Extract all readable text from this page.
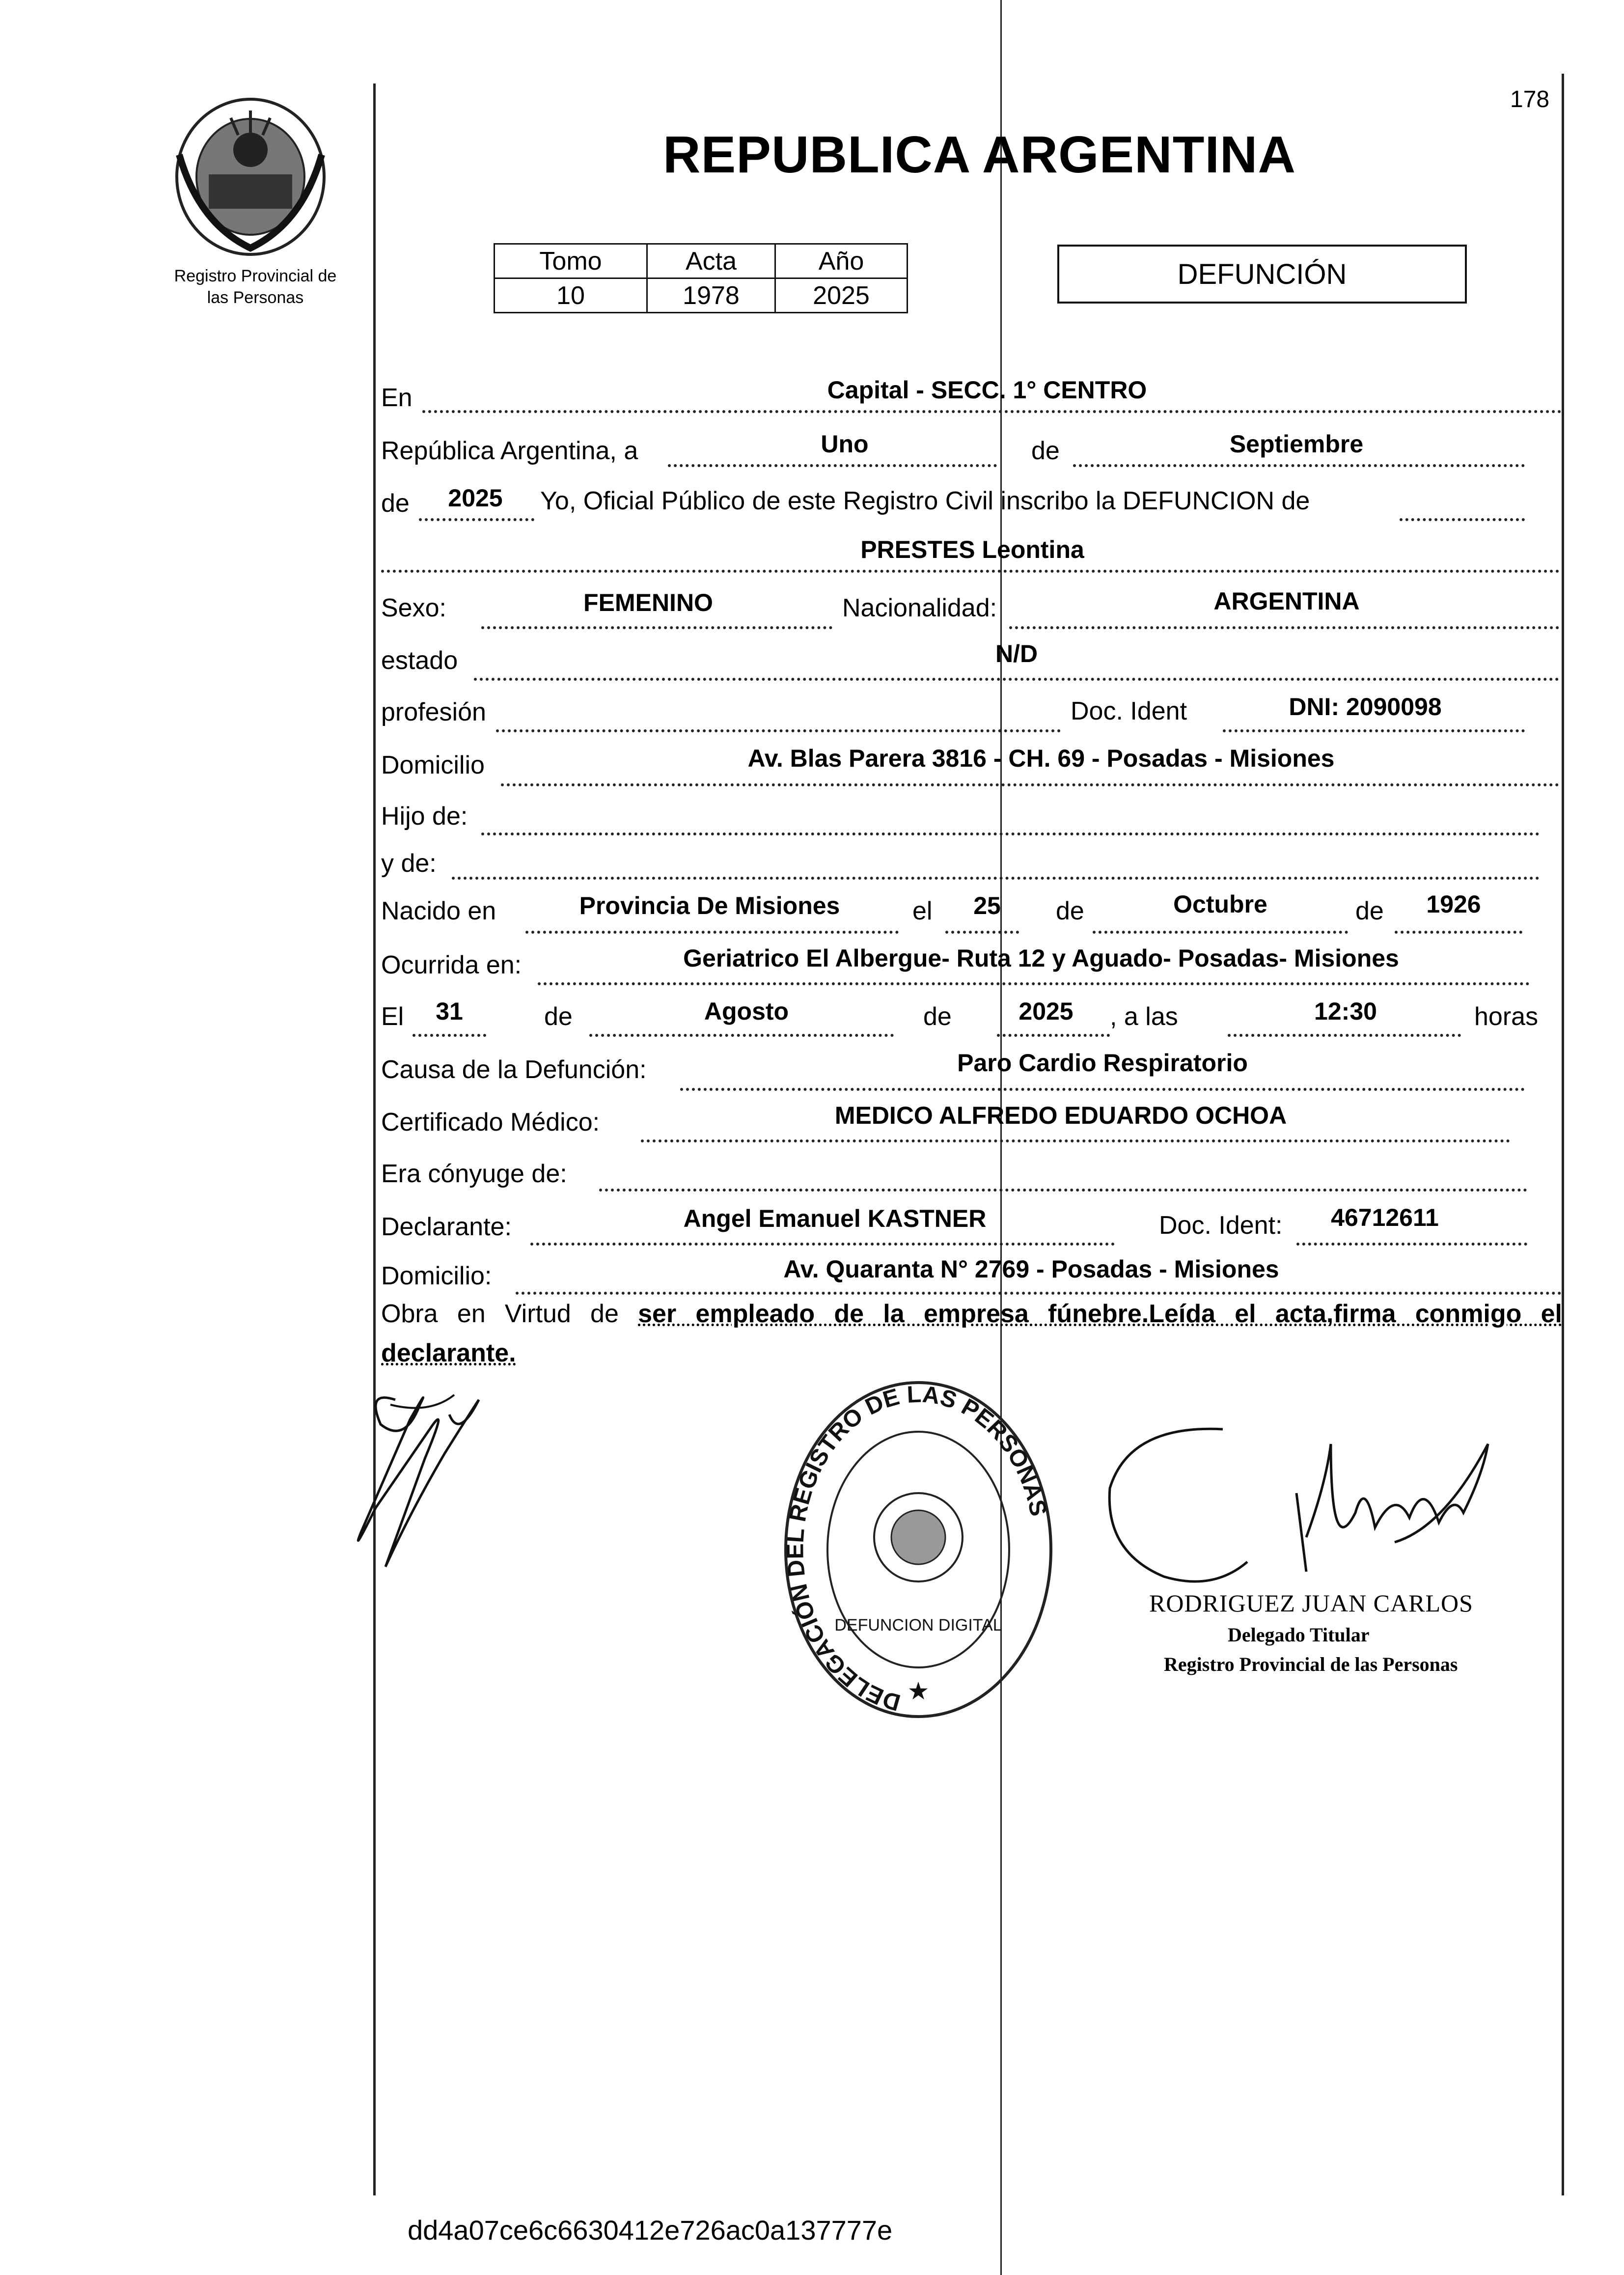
Registro Provincial de
las Personas
178
REPUBLICA ARGENTINA
Tomo	Acta	Año
10	1978	2025
DEFUNCIÓN
En	Capital - SECC. 1° CENTRO
República Argentina, a	Uno	de	Septiembre
de 2025 Yo, Oficial Público de este Registro Civil inscribo la DEFUNCION de
PRESTES Leontina
Sexo:	FEMENINO	Nacionalidad:	ARGENTINA
estado	N/D
profesión	Doc. Ident	DNI: 2090098
Domicilio	Av. Blas Parera 3816 - CH. 69 - Posadas - Misiones
Hijo de:
y de:
Nacido en	Provincia De Misiones	el 25 de	Octubre	de 1926
Ocurrida en:	Geriatrico El Albergue- Ruta 12 y Aguado- Posadas- Misiones
El 31	de	Agosto	de	2025 , a las	12:30	horas
Causa de la Defunción:	Paro Cardio Respiratorio
Certificado Médico:	MEDICO ALFREDO EDUARDO OCHOA
Era cónyuge de:
Declarante:	Angel Emanuel KASTNER	Doc. Ident: 46712611
Domicilio:	Av. Quaranta N° 2769 - Posadas - Misiones
Obra en Virtud de ser empleado de la empresa fúnebre.Leída el acta,firma conmigo el
declarante.
DELEGACIÓN DEL REGISTRO DE LAS PERSONAS
DEFUNCION DIGITAL
★
RODRIGUEZ JUAN CARLOS
Delegado Titular
Registro Provincial de las Personas
dd4a07ce6c6630412e726ac0a137777e
